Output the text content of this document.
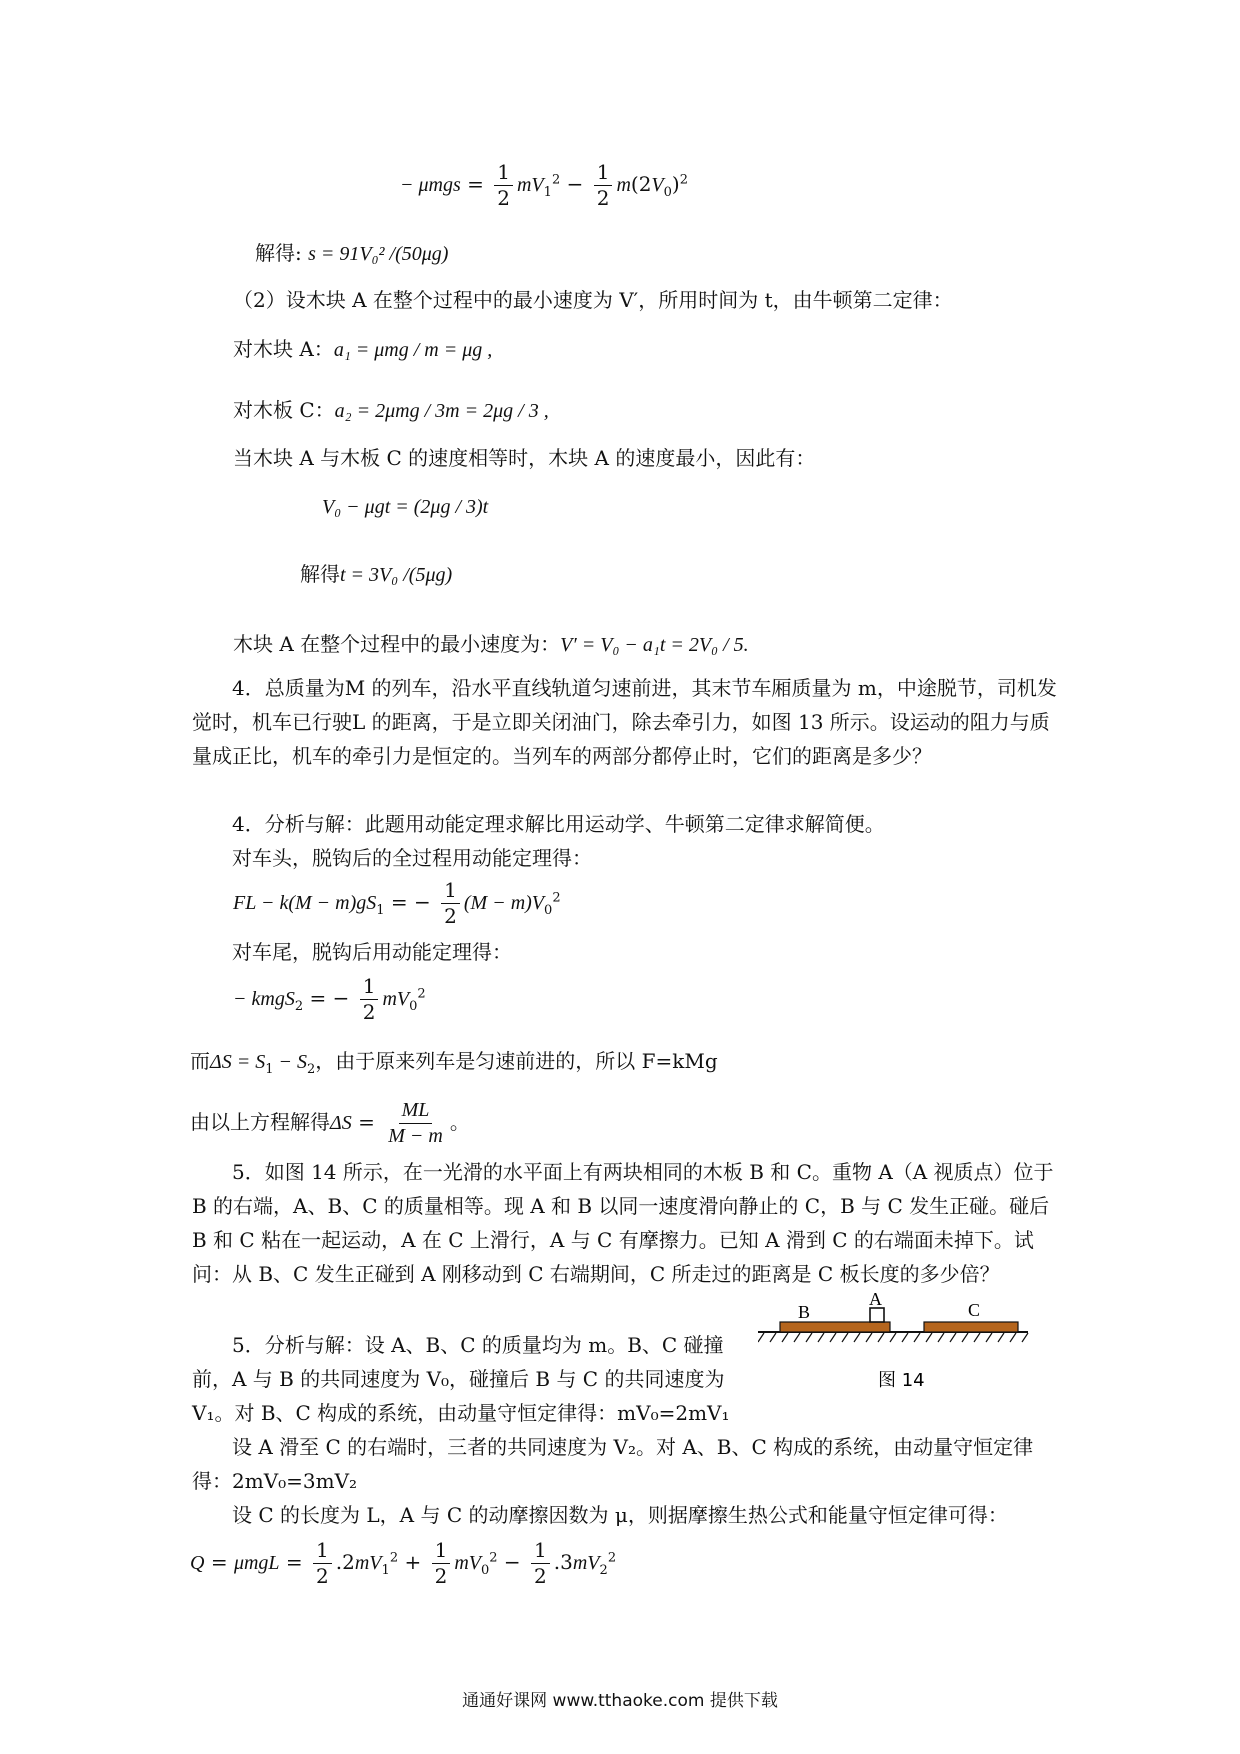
− $\mu mgs = \frac{1}{2} mV_1^2 - \frac{1}{2} m(2V_0)^2$
解得: s = 91V₀² /(50μg)
（2）设木块 A 在整个过程中的最小速度为 V′，所用时间为 t，由牛顿第二定律：
对木块 A：a₁ = μmg / m = μg ,
对木板 C：a₂ = 2μmg / 3m = 2μg / 3 ,
当木块 A 与木板 C 的速度相等时，木块 A 的速度最小，因此有：
V₀ − μgt = (2μg / 3)t
解得t = 3V₀ /(5μg)
木块 A 在整个过程中的最小速度为：V′ = V₀ − a₁t = 2V₀ / 5.
4．总质量为M 的列车，沿水平直线轨道匀速前进，其末节车厢质量为 m，中途脱节，司机发觉时，机车已行驶L 的距离，于是立即关闭油门，除去牵引力，如图 13 所示。设运动的阻力与质量成正比，机车的牵引力是恒定的。当列车的两部分都停止时，它们的距离是多少？
4．分析与解：此题用动能定理求解比用运动学、牛顿第二定律求解简便。
对车头，脱钩后的全过程用动能定理得：
FL − $k(M - m)gS_1$ = − $\frac{1}{2} (M - m)V_0^2$
对车尾，脱钩后用动能定理得：
− kmgS$_2$ = − $\frac{1}{2} mV_0^2$
而$\Delta S = S_1 - S_2$，由于原来列车是匀速前进的，所以 F=kMg
由以上方程解得$\Delta S = \frac{ML}{M - m}$ 。
5．如图 14 所示，在一光滑的水平面上有两块相同的木板 B 和 C。重物 A（A 视质点）位于 B 的右端，A、B、C 的质量相等。现 A 和 B 以同一速度滑向静止的 C，B 与 C 发生正碰。碰后 B 和 C 粘在一起运动，A 在 C 上滑行，A 与 C 有摩擦力。已知 A 滑到 C 的右端面未掉下。试问：从 B、C 发生正碰到 A 刚移动到 C 右端期间，C 所走过的距离是 C 板长度的多少倍？
5．分析与解：设 A、B、C 的质量均为 m。B、C 碰撞前，A 与 B 的共同速度为 V₀，碰撞后 B 与 C 的共同速度为 V₁。对 B、C 构成的系统，由动量守恒定律得：mV₀=2mV₁
设 A 滑至 C 的右端时，三者的共同速度为 V₂。对 A、B、C 构成的系统，由动量守恒定律得：2mV₀=3mV₂
设 C 的长度为 L，A 与 C 的动摩擦因数为 μ，则据摩擦生热公式和能量守恒定律可得：
$Q = \mu mgL = \frac{1}{2} .2mV_1^2 + \frac{1}{2} mV_0^2 - \frac{1}{2} .3mV_2^2$
A
B	C
图 14
通通好课网 www.tthaoke.com 提供下载
